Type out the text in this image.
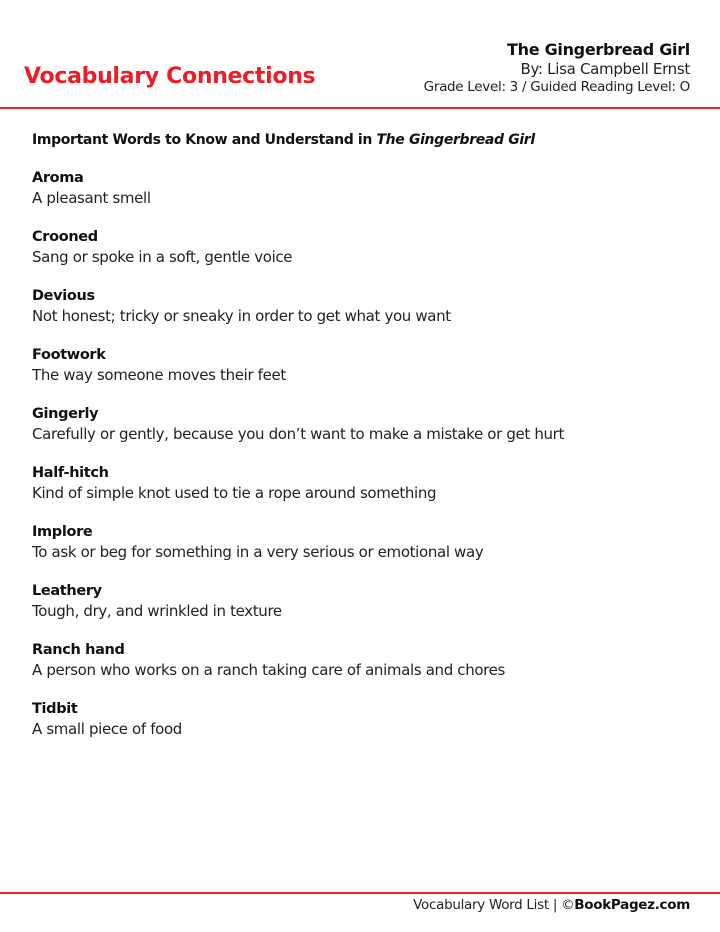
Vocabulary Connections
The Gingerbread Girl
By: Lisa Campbell Ernst
Grade Level: 3 / Guided Reading Level: O

Important Words to Know and Understand in The Gingerbread Girl

Aroma
A pleasant smell
Crooned
Sang or spoke in a soft, gentle voice
Devious
Not honest; tricky or sneaky in order to get what you want
Footwork
The way someone moves their feet
Gingerly
Carefully or gently, because you don’t want to make a mistake or get hurt
Half-hitch
Kind of simple knot used to tie a rope around something
Implore
To ask or beg for something in a very serious or emotional way
Leathery
Tough, dry, and wrinkled in texture
Ranch hand
A person who works on a ranch taking care of animals and chores
Tidbit
A small piece of food
Vocabulary Word List | ©BookPagez.com
